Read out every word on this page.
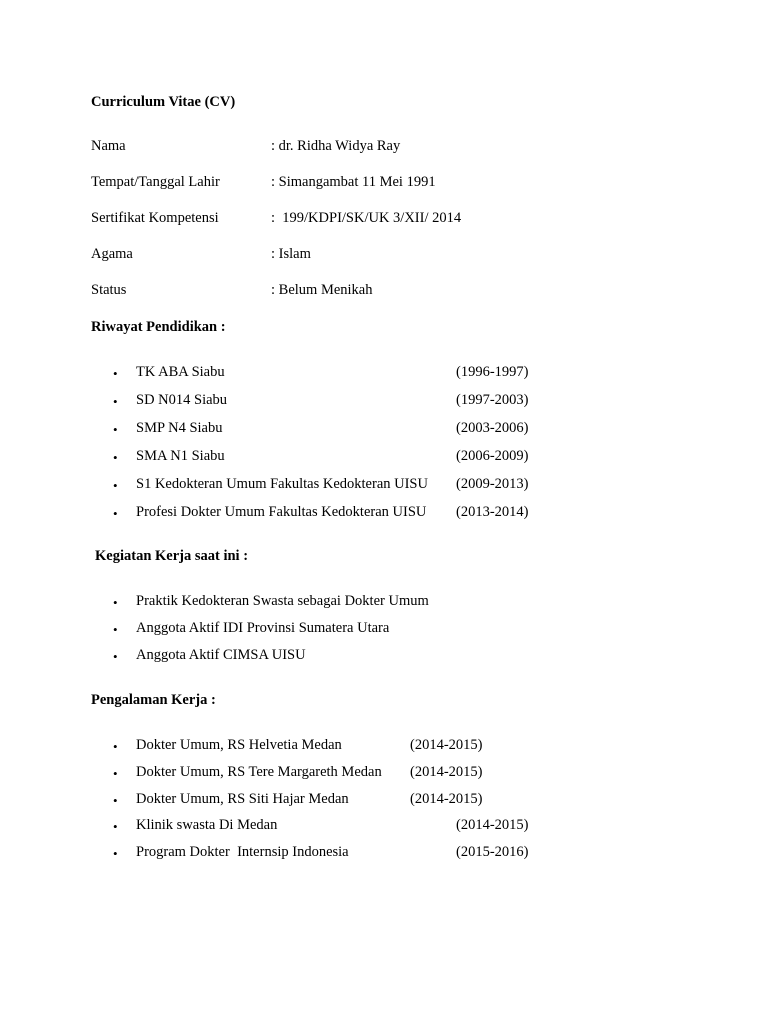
Curriculum Vitae (CV)
Nama	: dr. Ridha Widya Ray
Tempat/Tanggal Lahir	: Simangambat 11 Mei 1991
Sertifikat Kompetensi	:  199/KDPI/SK/UK 3/XII/ 2014
Agama	: Islam
Status	: Belum Menikah
Riwayat Pendidikan :
• TK ABA Siabu	(1996-1997)
• SD N014 Siabu	(1997-2003)
• SMP N4 Siabu	(2003-2006)
• SMA N1 Siabu	(2006-2009)
• S1 Kedokteran Umum Fakultas Kedokteran UISU (2009-2013)
• Profesi Dokter Umum Fakultas Kedokteran UISU (2013-2014)
Kegiatan Kerja saat ini :
• Praktik Kedokteran Swasta sebagai Dokter Umum
• Anggota Aktif IDI Provinsi Sumatera Utara
• Anggota Aktif CIMSA UISU
Pengalaman Kerja :
• Dokter Umum, RS Helvetia Medan	(2014-2015)
• Dokter Umum, RS Tere Margareth Medan (2014-2015)
• Dokter Umum, RS Siti Hajar Medan	(2014-2015)
• Klinik swasta Di Medan	(2014-2015)
• Program Dokter  Internsip Indonesia	(2015-2016)
